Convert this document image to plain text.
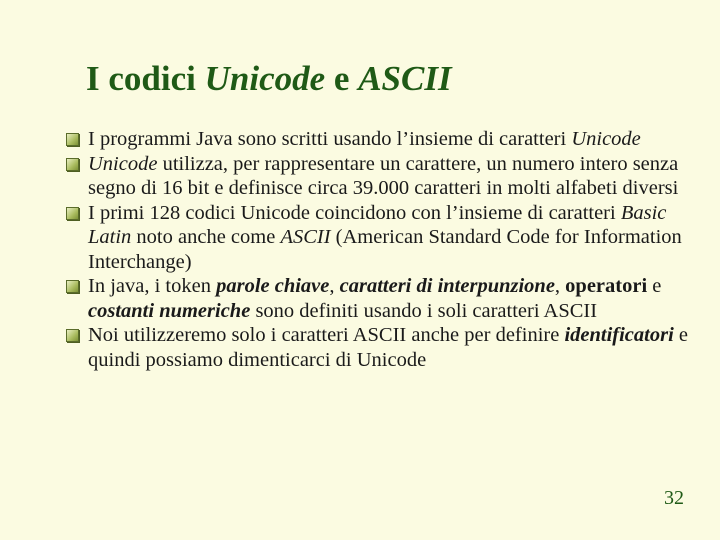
I codici Unicode e ASCII
I programmi Java sono scritti usando l’insieme di caratteri Unicode
Unicode utilizza, per rappresentare un carattere, un numero intero senza segno di 16 bit e definisce circa 39.000 caratteri in molti alfabeti diversi
I primi 128 codici Unicode coincidono con l’insieme di caratteri Basic Latin noto anche come ASCII (American Standard Code for Information Interchange)
In java, i token parole chiave, caratteri di interpunzione, operatori e costanti numeriche sono definiti usando i soli caratteri ASCII
Noi utilizzeremo solo i caratteri ASCII anche per definire identificatori e quindi possiamo dimenticarci di Unicode
32
